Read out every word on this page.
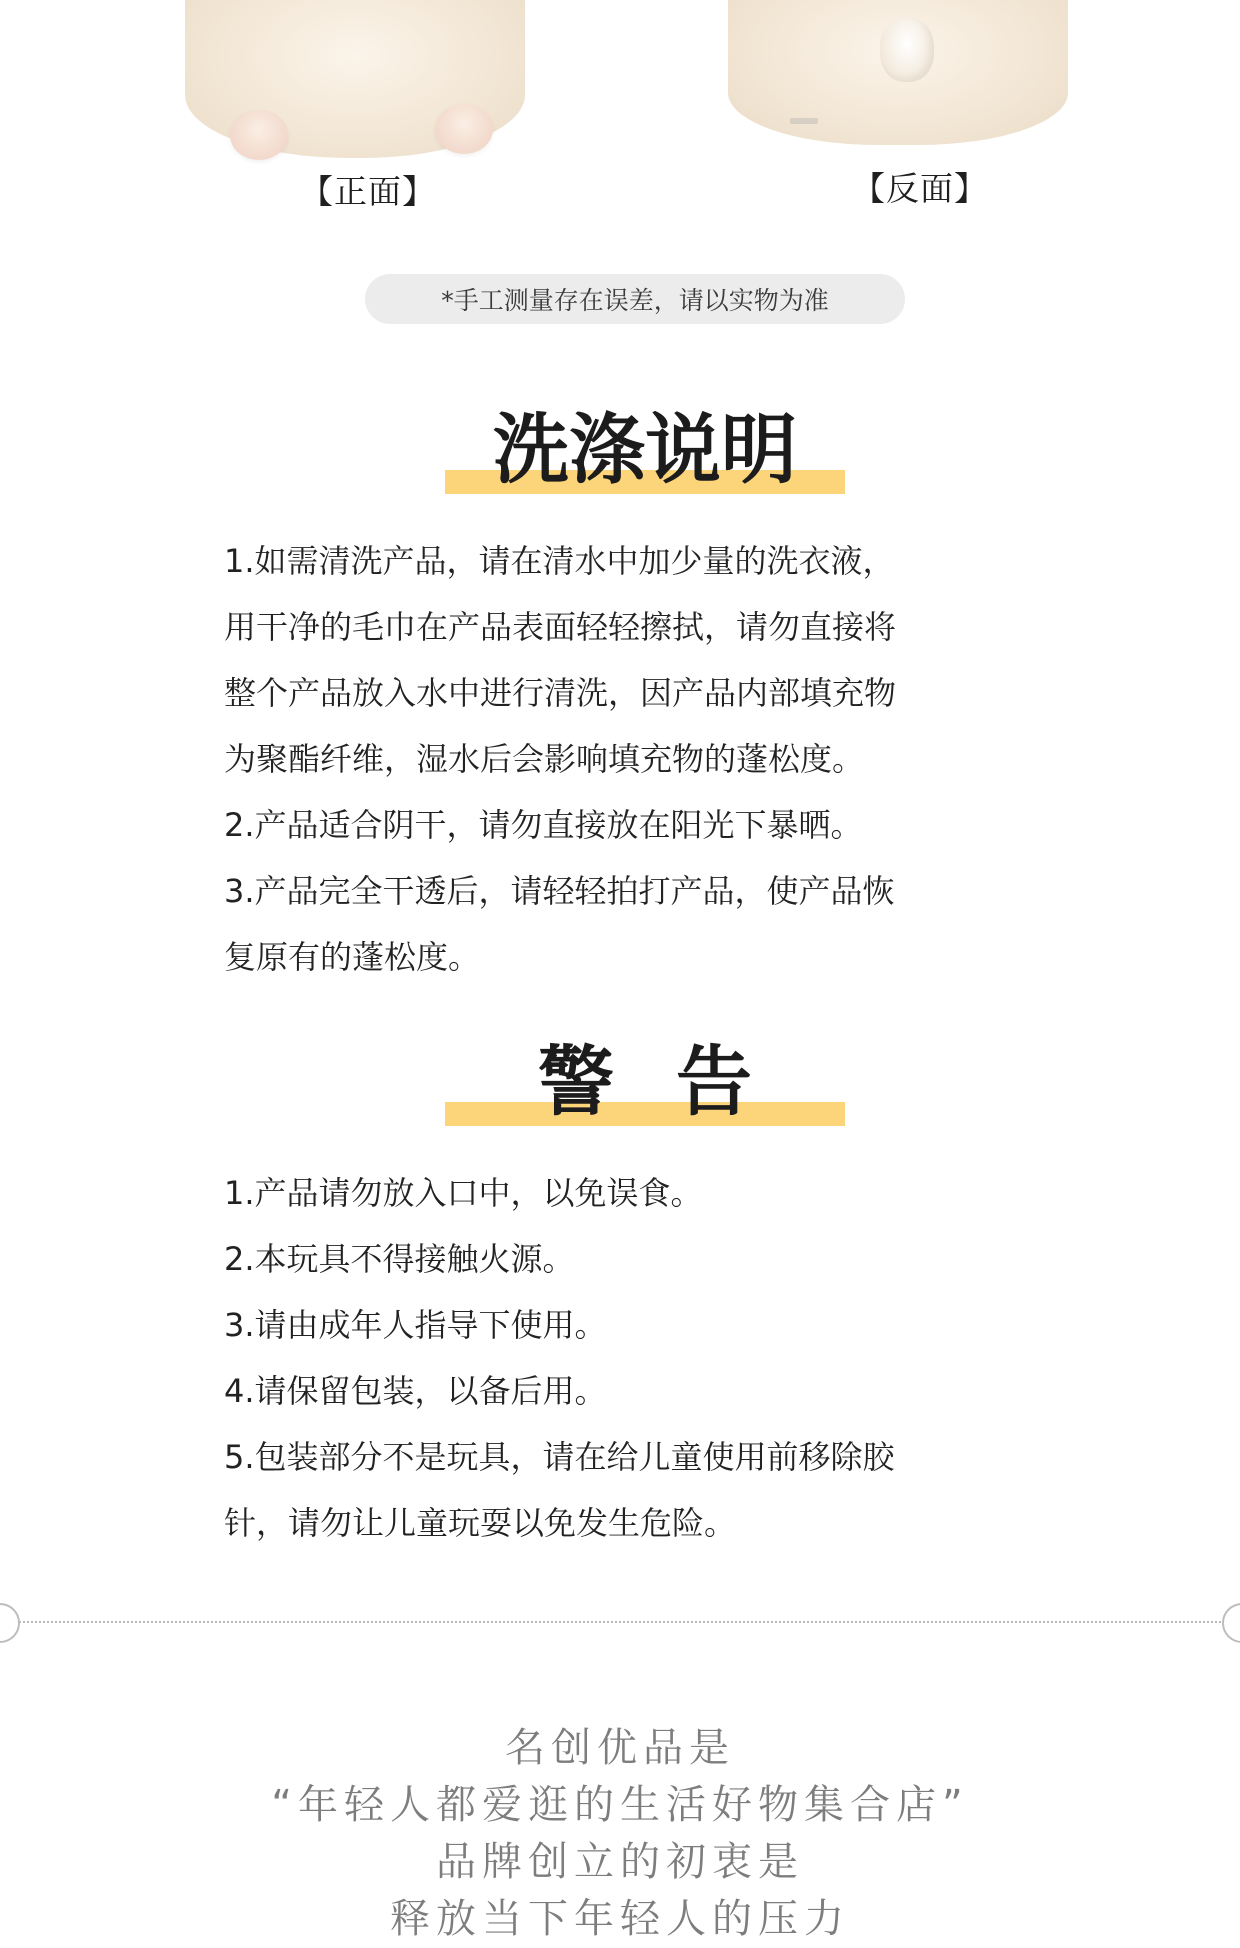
【正面】	【反面】
*手工测量存在误差，请以实物为准
洗涤说明
1.如需清洗产品，请在清水中加少量的洗衣液，
用干净的毛巾在产品表面轻轻擦拭，请勿直接将
整个产品放入水中进行清洗，因产品内部填充物
为聚酯纤维，湿水后会影响填充物的蓬松度。
2.产品适合阴干，请勿直接放在阳光下暴晒。
3.产品完全干透后，请轻轻拍打产品，使产品恢
复原有的蓬松度。
警告
1.产品请勿放入口中，以免误食。
2.本玩具不得接触火源。
3.请由成年人指导下使用。
4.请保留包装，以备后用。
5.包装部分不是玩具，请在给儿童使用前移除胶
针，请勿让儿童玩耍以免发生危险。
名创优品是
“年轻人都爱逛的生活好物集合店”
品牌创立的初衷是
释放当下年轻人的压力
